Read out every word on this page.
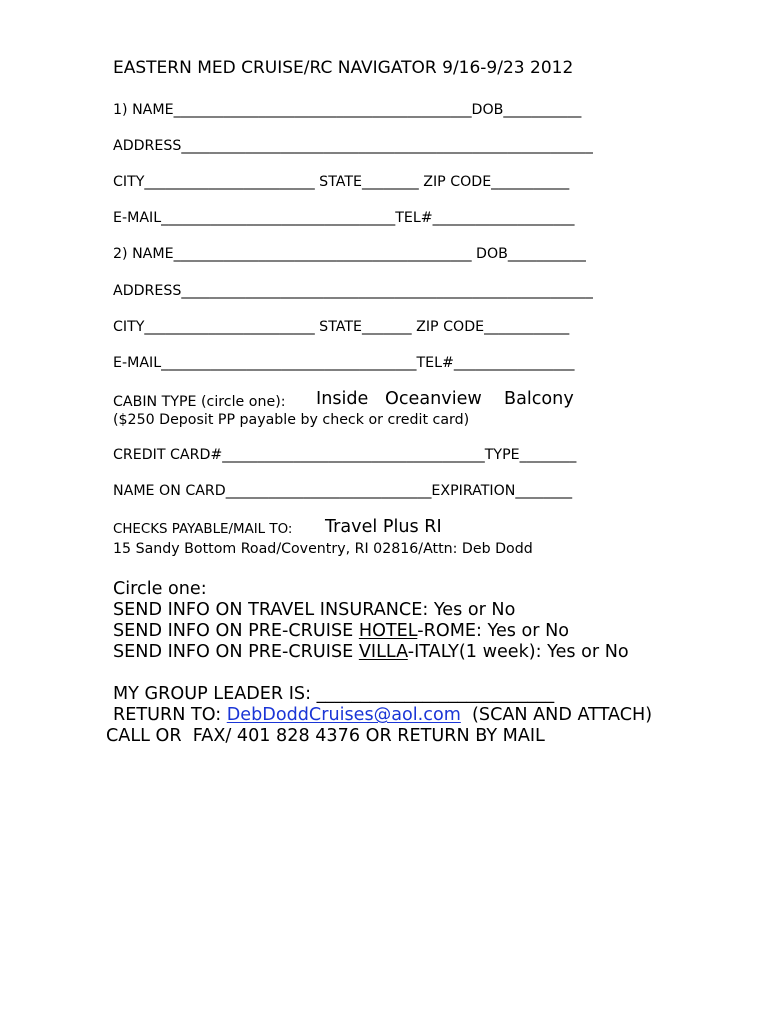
EASTERN MED CRUISE/RC NAVIGATOR 9/16-9/23 2012
1) NAME__________________________________________DOB___________
ADDRESS__________________________________________________________
CITY________________________ STATE________ ZIP CODE___________
E-MAIL_________________________________TEL#____________________
2) NAME__________________________________________ DOB___________
ADDRESS__________________________________________________________
CITY________________________ STATE_______ ZIP CODE____________
E-MAIL____________________________________TEL#_________________
CABIN TYPE (circle one): Inside Oceanview Balcony
($250 Deposit PP payable by check or credit card)
CREDIT CARD#_____________________________________TYPE________
NAME ON CARD_____________________________EXPIRATION________
CHECKS PAYABLE/MAIL TO: Travel Plus RI
15 Sandy Bottom Road/Coventry, RI 02816/Attn: Deb Dodd
Circle one:
SEND INFO ON TRAVEL INSURANCE: Yes or No
SEND INFO ON PRE-CRUISE HOTEL-ROME: Yes or No
SEND INFO ON PRE-CRUISE VILLA-ITALY(1 week): Yes or No
MY GROUP LEADER IS: ___________________________
RETURN TO: DebDoddCruises@aol.com  (SCAN AND ATTACH)
CALL OR  FAX/ 401 828 4376 OR RETURN BY MAIL
